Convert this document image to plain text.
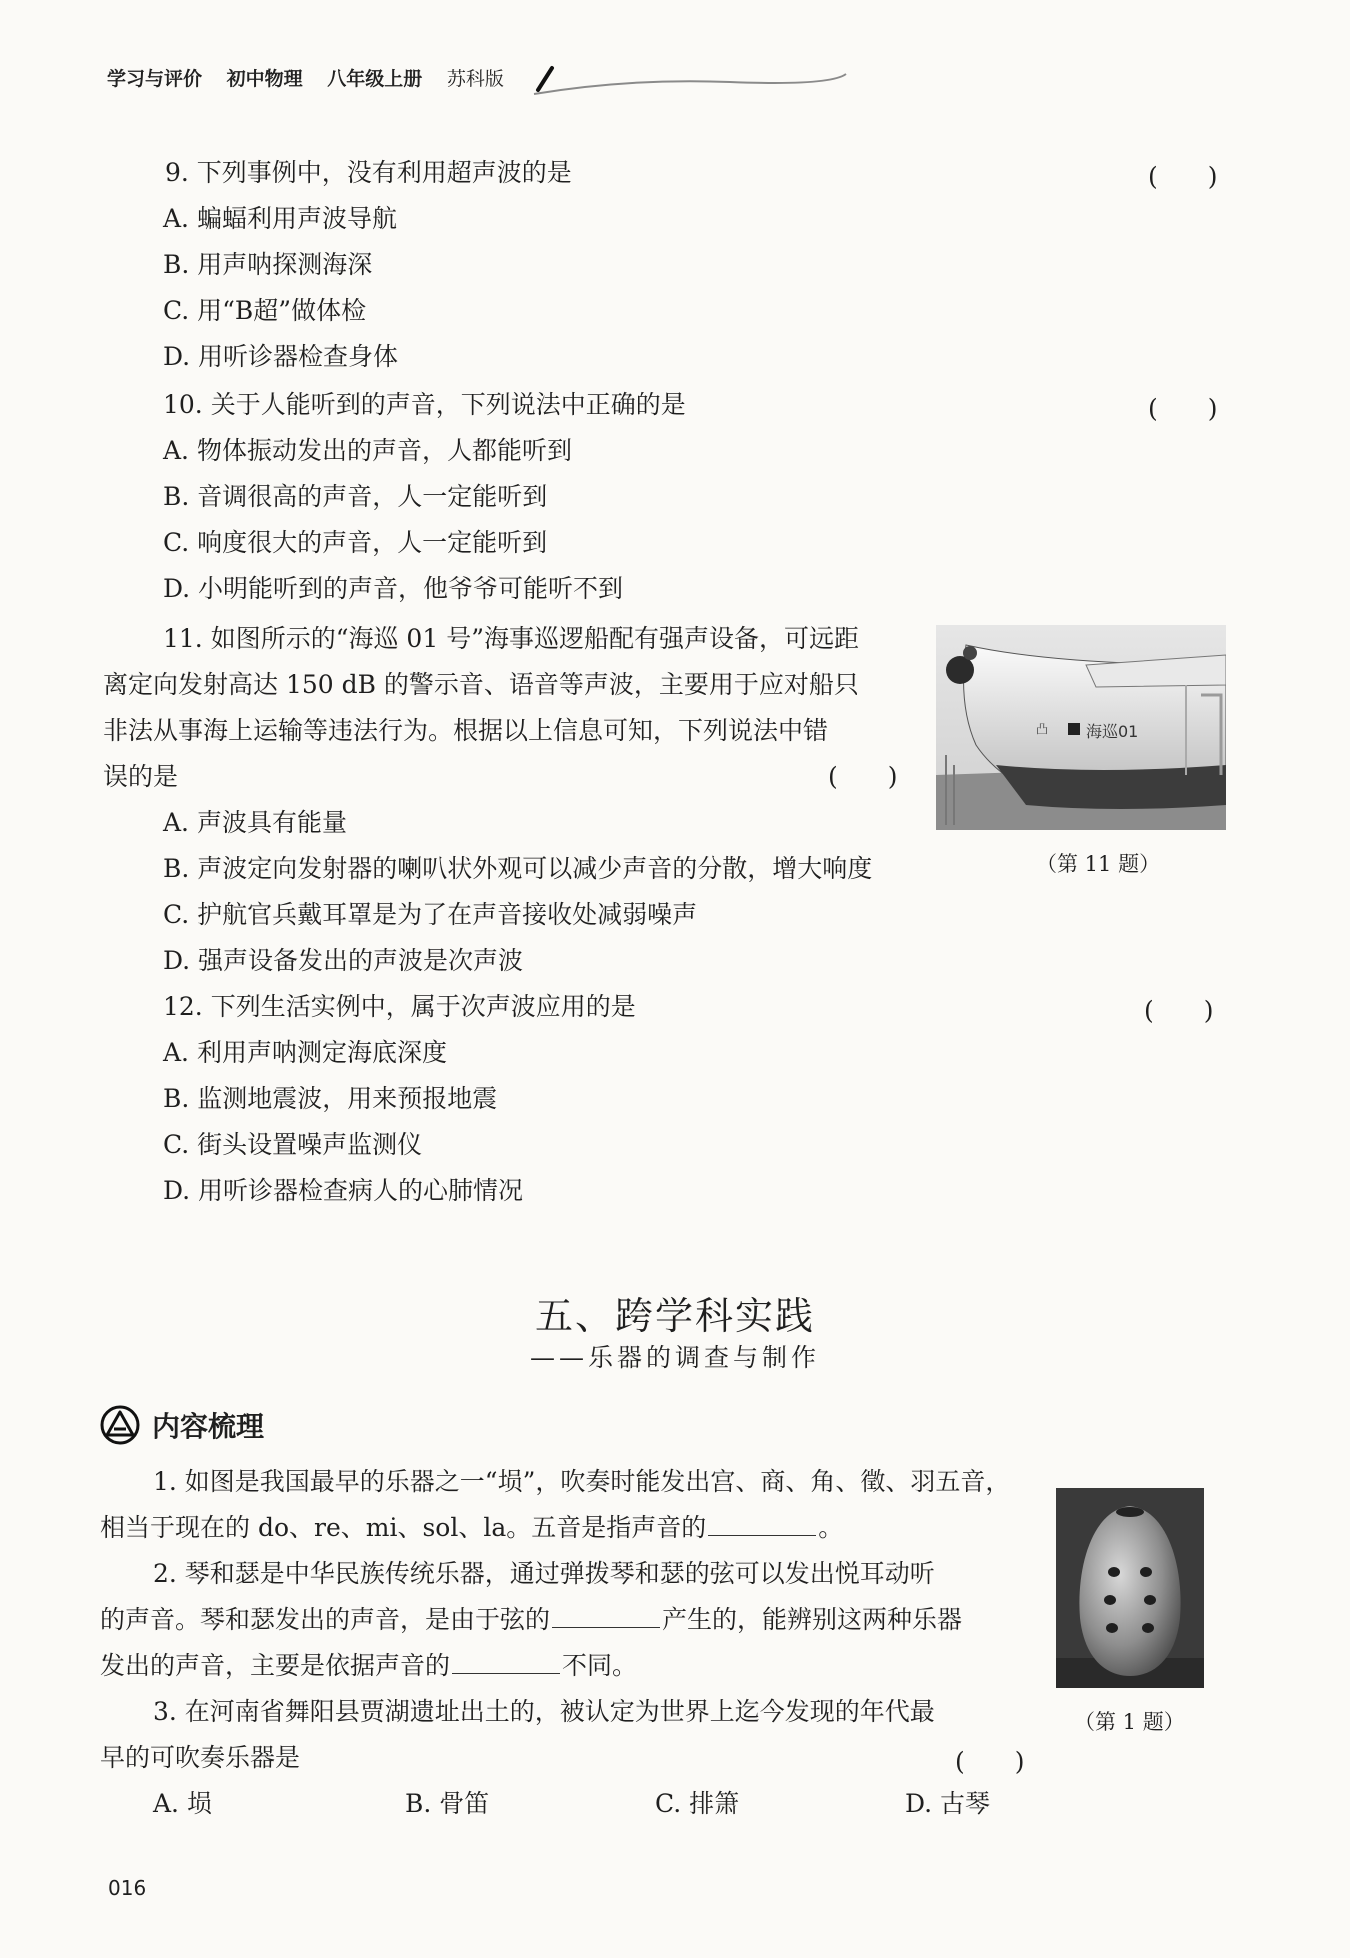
学习与评价 初中物理 八年级上册 苏科版
9. 下列事例中，没有利用超声波的是	(　　)
A. 蝙蝠利用声波导航
B. 用声呐探测海深
C. 用“B超”做体检
D. 用听诊器检查身体
10. 关于人能听到的声音，下列说法中正确的是	(　　)
A. 物体振动发出的声音，人都能听到
B. 音调很高的声音，人一定能听到
C. 响度很大的声音，人一定能听到
D. 小明能听到的声音，他爷爷可能听不到
11. 如图所示的“海巡 01 号”海事巡逻船配有强声设备，可远距
离定向发射高达 150 dB 的警示音、语音等声波，主要用于应对船只
非法从事海上运输等违法行为。根据以上信息可知，下列说法中错
误的是	(　　)
A. 声波具有能量
B. 声波定向发射器的喇叭状外观可以减少声音的分散，增大响度
C. 护航官兵戴耳罩是为了在声音接收处减弱噪声
D. 强声设备发出的声波是次声波
海巡01
凸
（第 11 题）
12. 下列生活实例中，属于次声波应用的是	(　　)
A. 利用声呐测定海底深度
B. 监测地震波，用来预报地震
C. 街头设置噪声监测仪
D. 用听诊器检查病人的心肺情况
五、跨学科实践
——乐器的调查与制作
内容梳理
1. 如图是我国最早的乐器之一“埙”，吹奏时能发出宫、商、角、徵、羽五音，
相当于现在的 do、re、mi、sol、la。五音是指声音的	。
2. 琴和瑟是中华民族传统乐器，通过弹拨琴和瑟的弦可以发出悦耳动听
的声音。琴和瑟发出的声音，是由于弦的	产生的，能辨别这两种乐器
发出的声音，主要是依据声音的	不同。
3. 在河南省舞阳县贾湖遗址出土的，被认定为世界上迄今发现的年代最
早的可吹奏乐器是	(　　)
A. 埙	B. 骨笛	C. 排箫	D. 古琴
（第 1 题）
016
